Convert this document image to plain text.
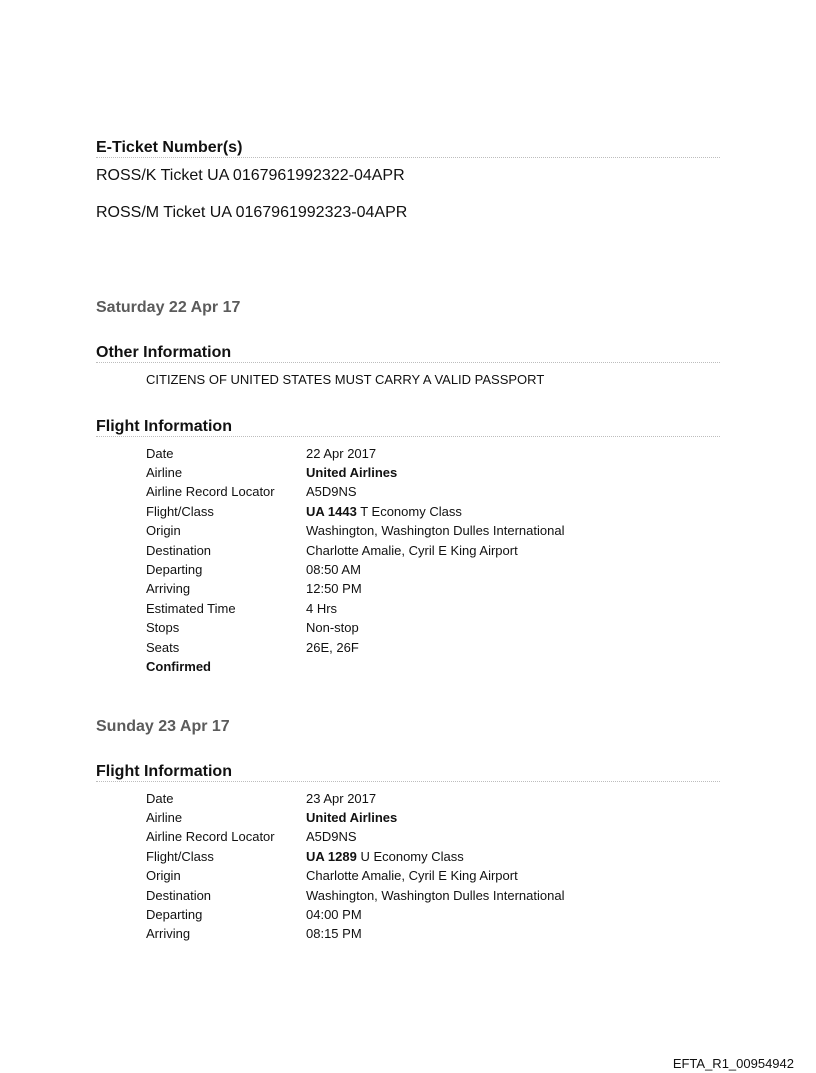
E-Ticket Number(s)
ROSS/K Ticket UA 0167961992322-04APR
ROSS/M Ticket UA 0167961992323-04APR
Saturday 22 Apr 17
Other Information
CITIZENS OF UNITED STATES MUST CARRY A VALID PASSPORT
Flight Information
Date	22 Apr 2017
Airline	United Airlines
Airline Record Locator	A5D9NS
Flight/Class	UA 1443 T Economy Class
Origin	Washington, Washington Dulles International
Destination	Charlotte Amalie, Cyril E King Airport
Departing	08:50 AM
Arriving	12:50 PM
Estimated Time	4 Hrs
Stops	Non-stop
Seats	26E, 26F
Confirmed	
Sunday 23 Apr 17
Flight Information
Date	23 Apr 2017
Airline	United Airlines
Airline Record Locator	A5D9NS
Flight/Class	UA 1289 U Economy Class
Origin	Charlotte Amalie, Cyril E King Airport
Destination	Washington, Washington Dulles International
Departing	04:00 PM
Arriving	08:15 PM
EFTA_R1_00954942
